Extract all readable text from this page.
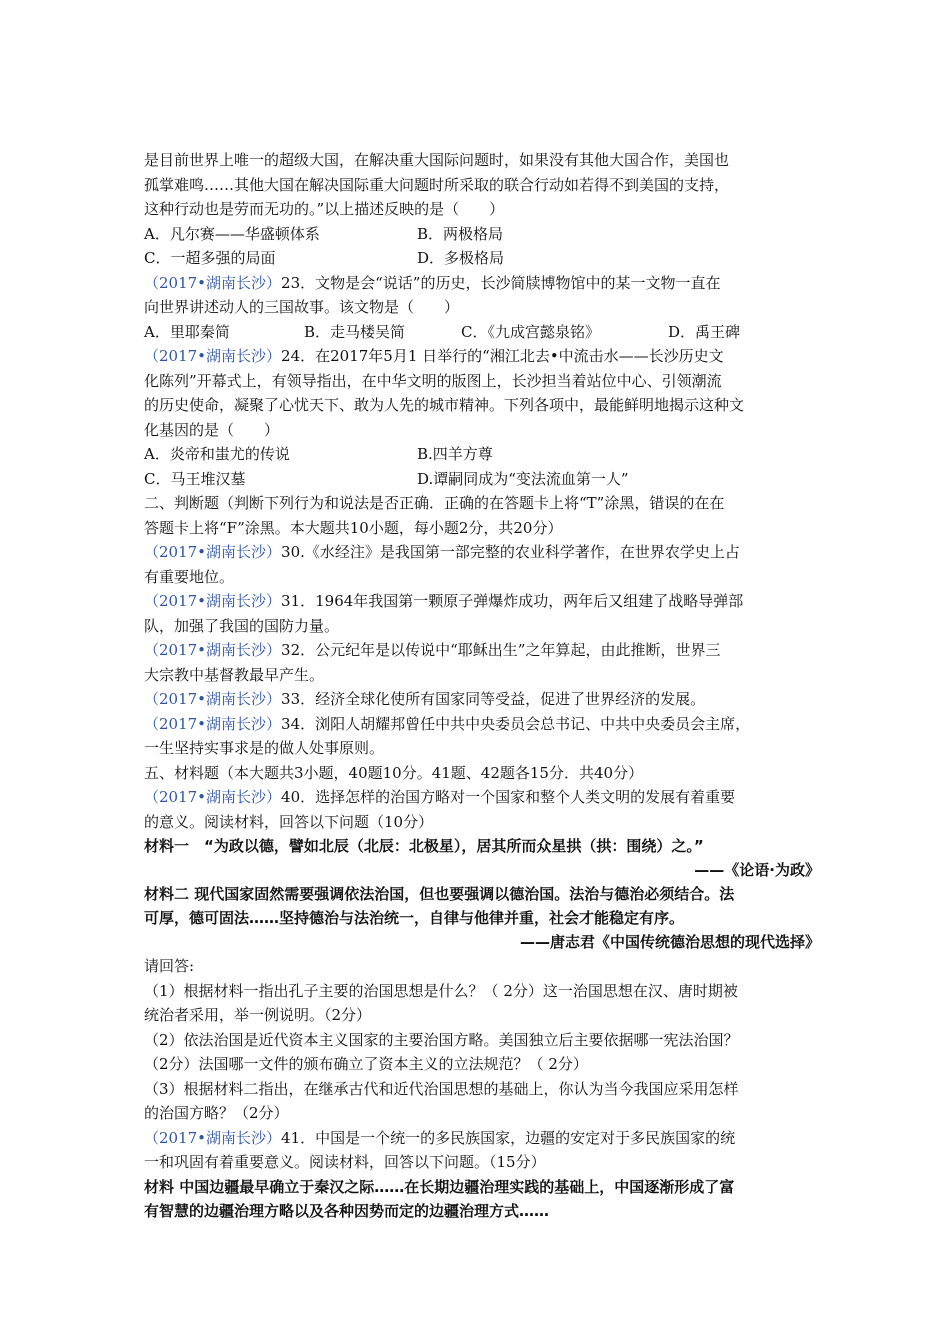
是目前世界上唯一的超级大国，在解决重大国际问题时，如果没有其他大国合作，美国也
孤掌难鸣……其他大国在解决国际重大问题时所采取的联合行动如若得不到美国的支持，
这种行动也是劳而无功的。”以上描述反映的是（　　）
A．凡尔赛——华盛顿体系	B．两极格局
C．一超多强的局面	D．多极格局
（2017•湖南长沙）23．文物是会“说话”的历史，长沙简牍博物馆中的某一文物一直在
向世界讲述动人的三国故事。该文物是（　　）
A．里耶秦简	B．走马楼吴简	C．《九成宫懿泉铭》	D．禹王碑
（2017•湖南长沙）24．在2017年5月1 日举行的“湘江北去•中流击水——长沙历史文
化陈列”开幕式上，有领导指出，在中华文明的版图上，长沙担当着站位中心、引领潮流
的历史使命，凝聚了心忧天下、敢为人先的城市精神。下列各项中，最能鲜明地揭示这种文
化基因的是（　　）
A．炎帝和蚩尤的传说	B.四羊方尊
C．马王堆汉墓	D.谭嗣同成为“变法流血第一人”
二、判断题（判断下列行为和说法是否正确．正确的在答题卡上将“T”涂黑，错误的在在
答题卡上将“F”涂黑。本大题共10小题，每小题2分，共20分）
（2017•湖南长沙）30.《水经注》是我国第一部完整的农业科学著作，在世界农学史上占
有重要地位。
（2017•湖南长沙）31．1964年我国第一颗原子弹爆炸成功，两年后又组建了战略导弹部
队，加强了我国的国防力量。
（2017•湖南长沙）32．公元纪年是以传说中“耶稣出生”之年算起，由此推断，世界三
大宗教中基督教最早产生。
（2017•湖南长沙）33．经济全球化使所有国家同等受益，促进了世界经济的发展。
（2017•湖南长沙）34．浏阳人胡耀邦曾任中共中央委员会总书记、中共中央委员会主席，
一生坚持实事求是的做人处事原则。
五、材料题（本大题共3小题，40题10分。41题、42题各15分．共40分）
（2017•湖南长沙）40．选择怎样的治国方略对一个国家和整个人类文明的发展有着重要
的意义。阅读材料，回答以下问题（10分）
材料一　“为政以德，譬如北辰（北辰：北极星），居其所而众星拱（拱：围绕）之。”
——《论语·为政》
材料二 现代国家固然需要强调依法治国，但也要强调以德治国。法治与德治必须结合。法
可厚，德可固法……坚持德治与法治统一，自律与他律并重，社会才能稳定有序。
——唐志君《中国传统德治思想的现代选择》
请回答:
（1）根据材料一指出孔子主要的治国思想是什么？（ 2分）这一治国思想在汉、唐时期被
统治者采用，举一例说明。（2分）
（2）依法治国是近代资本主义国家的主要治国方略。美国独立后主要依据哪一宪法治国？
（2分）法国哪一文件的颁布确立了资本主义的立法规范？（ 2分）
（3）根据材料二指出，在继承古代和近代治国思想的基础上，你认为当今我国应采用怎样
的治国方略？（2分）
（2017•湖南长沙）41．中国是一个统一的多民族国家，边疆的安定对于多民族国家的统
一和巩固有着重要意义。阅读材料，回答以下问题。（15分）
材料 中国边疆最早确立于秦汉之际……在长期边疆治理实践的基础上，中国逐渐形成了富
有智慧的边疆治理方略以及各种因势而定的边疆治理方式……
